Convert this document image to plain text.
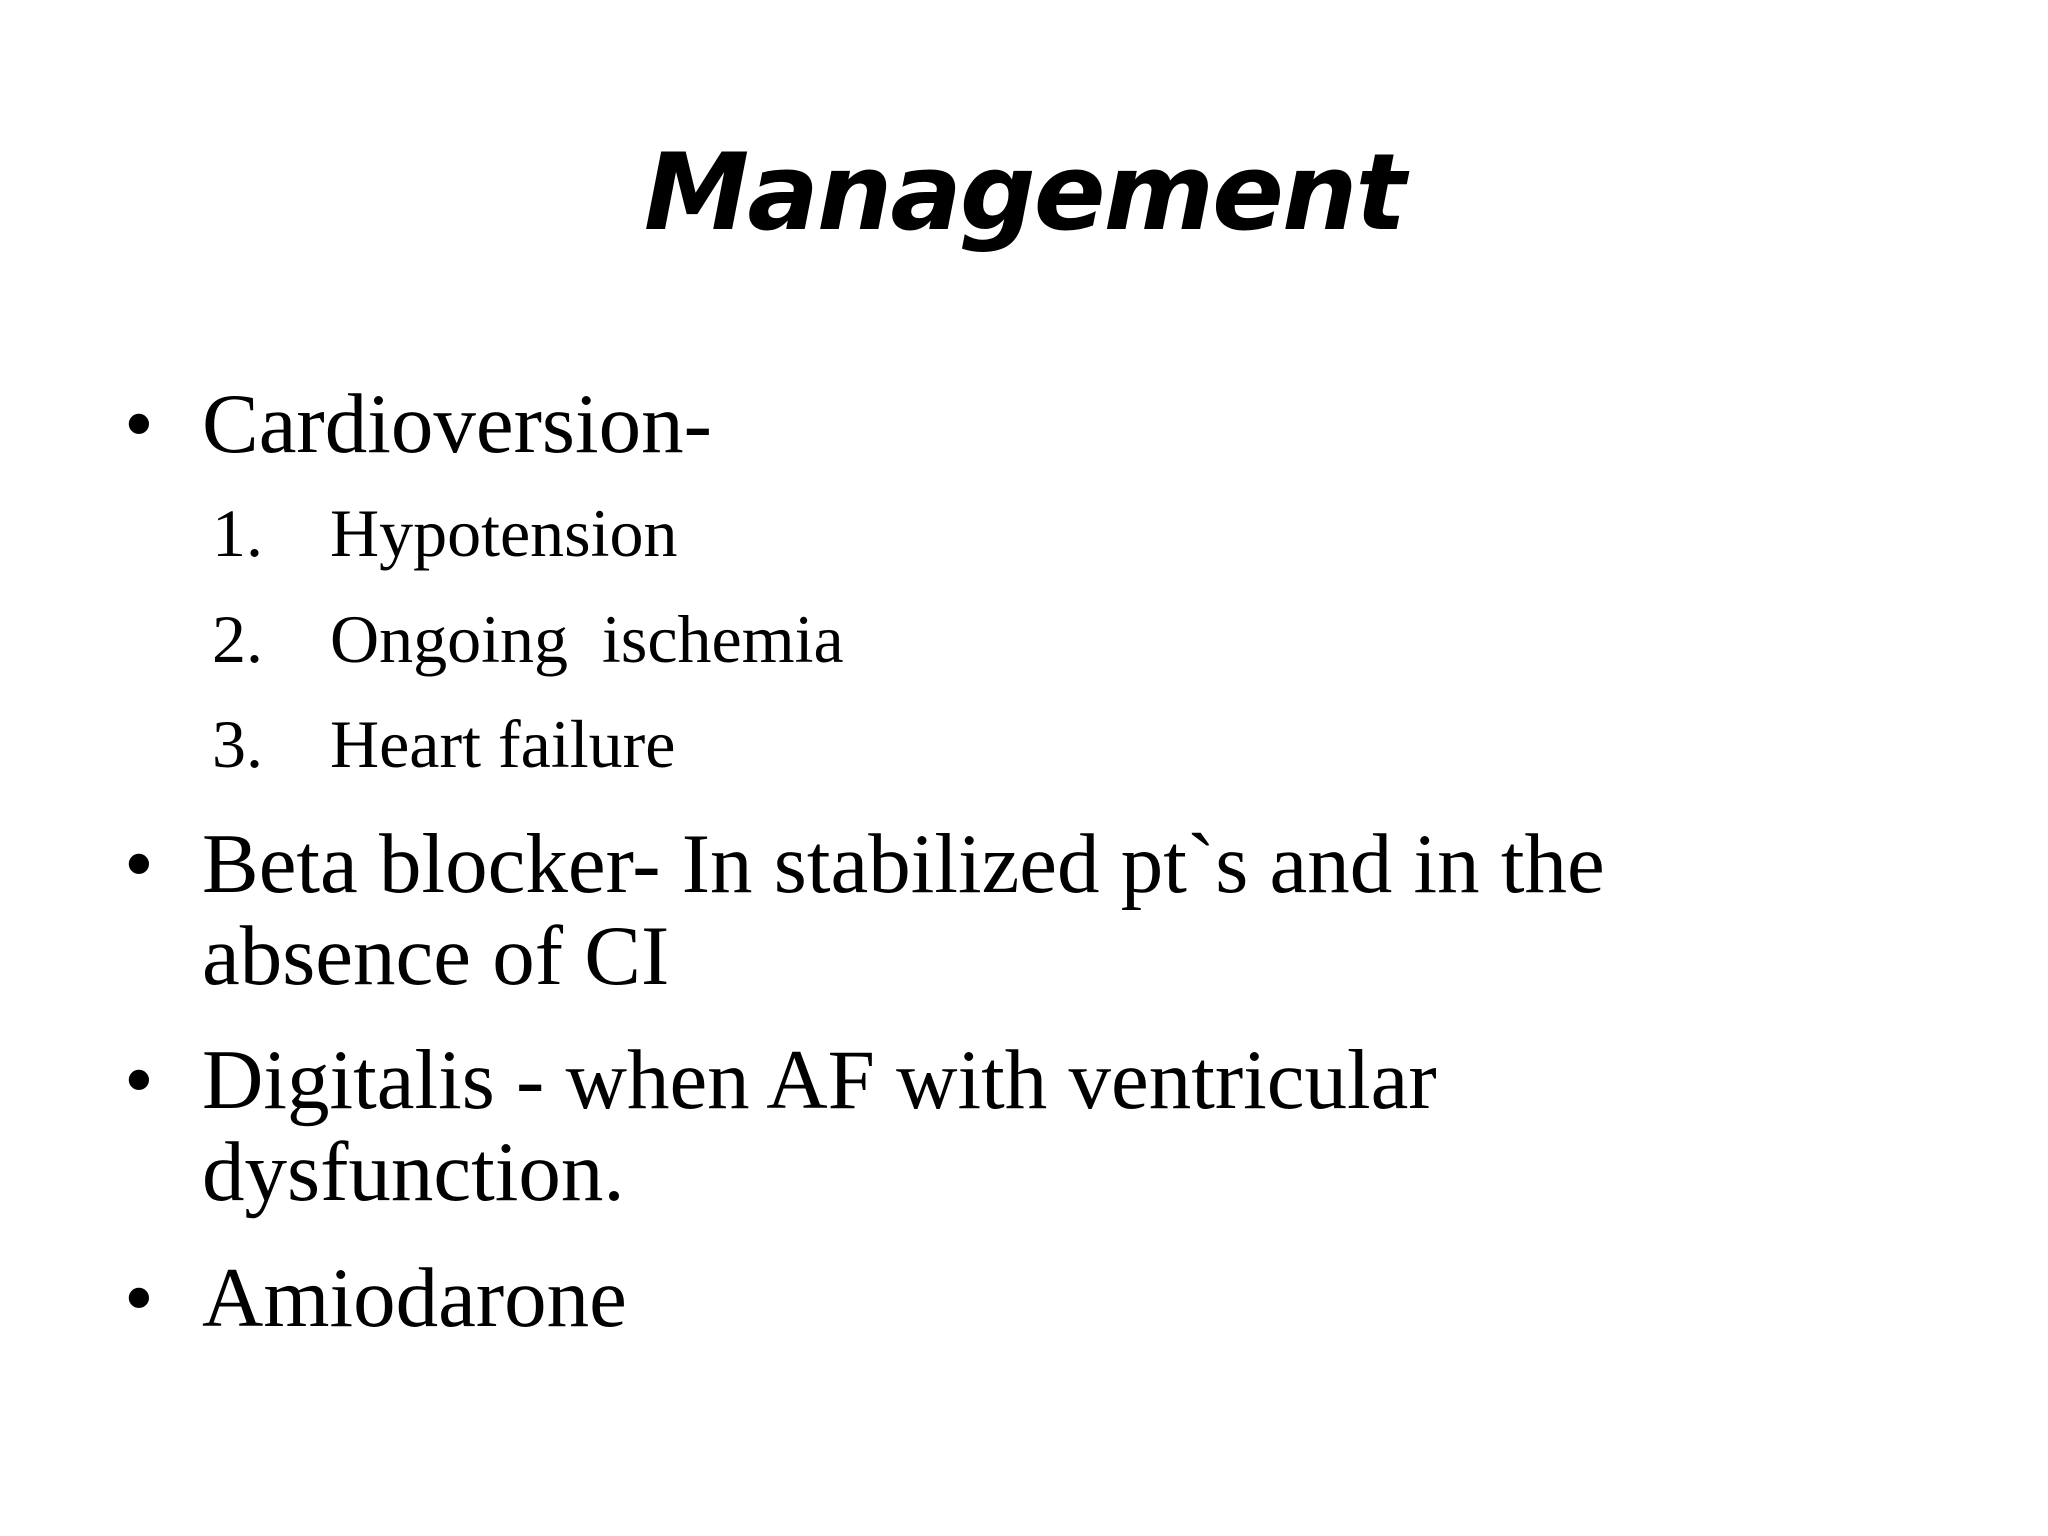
Management
• Cardioversion-
1. Hypotension
2. Ongoing  ischemia
3. Heart failure
• Beta blocker- In stabilized pt`s and in the
absence of CI
• Digitalis - when AF with ventricular
dysfunction.
• Amiodarone
